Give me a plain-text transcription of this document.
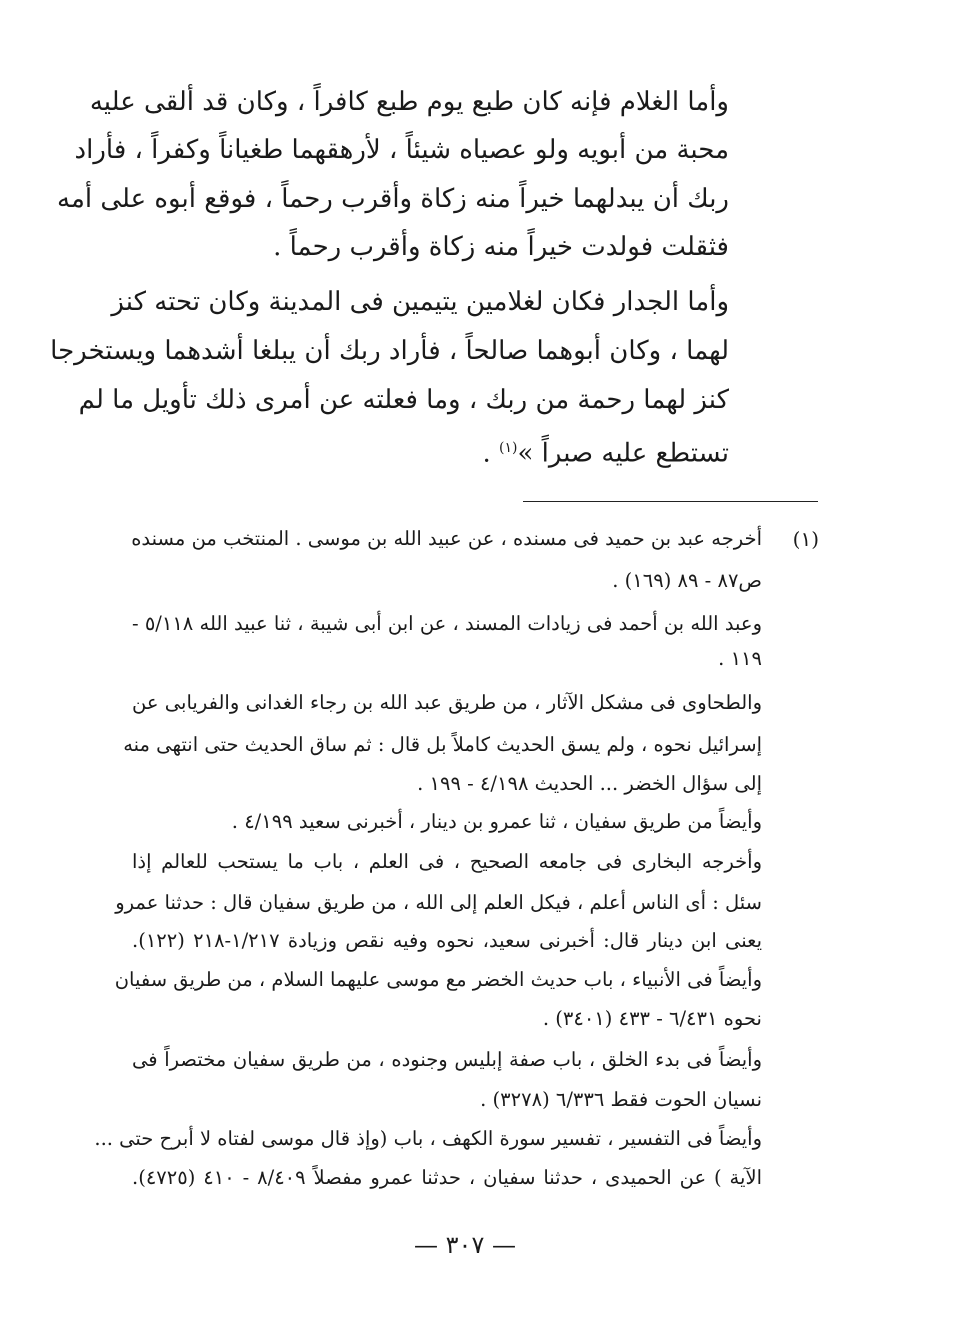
وأما الغلام فإنه كان طبع يوم طبع كافراً ، وكان قد ألقى عليه
محبة من أبويه ولو عصياه شيئاً ، لأرهقهما طغياناً وكفراً ، فأراد
ربك أن يبدلهما خيراً منه زكاة وأقرب رحماً ، فوقع أبوه على أمه
فثقلت فولدت خيراً منه زكاة وأقرب رحماً .
وأما الجدار فكان لغلامين يتيمين فى المدينة وكان تحته كنز
لهما ، وكان أبوهما صالحاً ، فأراد ربك أن يبلغا أشدهما ويستخرجا
كنز لهما رحمة من ربك ، وما فعلته عن أمرى ذلك تأويل ما لم
تستطع عليه صبراً »$^{(١)}$ .
(١)
أخرجه عبد بن حميد فى مسنده ، عن عبيد الله بن موسى . المنتخب من مسنده
ص٨٧ - ٨٩ (١٦٩) .
وعبد الله بن أحمد فى زيادات المسند ، عن ابن أبى شيبة ، ثنا عبيد الله ٥/١١٨ -
١١٩ .
والطحاوى فى مشكل الآثار ، من طريق عبد الله بن رجاء الغدانى والفريابى عن
إسرائيل نحوه ، ولم يسق الحديث كاملاً بل قال : ثم ساق الحديث حتى انتهى منه
إلى سؤال الخضر ... الحديث ٤/١٩٨ - ١٩٩ .
وأيضاً من طريق سفيان ، ثنا عمرو بن دينار ، أخبرنى سعيد ٤/١٩٩ .
وأخرجه البخارى فى جامعه الصحيح ، فى العلم ، باب ما يستحب للعالم إذا
سئل : أى الناس أعلم ، فيكل العلم إلى الله ، من طريق سفيان قال : حدثنا عمرو
يعنى ابن دينار قال: أخبرنى سعيد، نحوه وفيه نقص وزيادة ١/٢١٧-٢١٨ (١٢٢).
وأيضاً فى الأنبياء ، باب حديث الخضر مع موسى عليهما السلام ، من طريق سفيان
نحوه ٦/٤٣١ - ٤٣٣ (٣٤٠١) .
وأيضاً فى بدء الخلق ، باب صفة إبليس وجنوده ، من طريق سفيان مختصراً فى
نسيان الحوت فقط ٦/٣٣٦ (٣٢٧٨) .
وأيضاً فى التفسير ، تفسير سورة الكهف ، باب (وإذ قال موسى لفتاه لا أبرح حتى ...
الآية ) عن الحميدى ، حدثنا سفيان ، حدثنا عمرو مفصلاً ٨/٤٠٩ - ٤١٠ (٤٧٢٥).
— ٣٠٧ —
